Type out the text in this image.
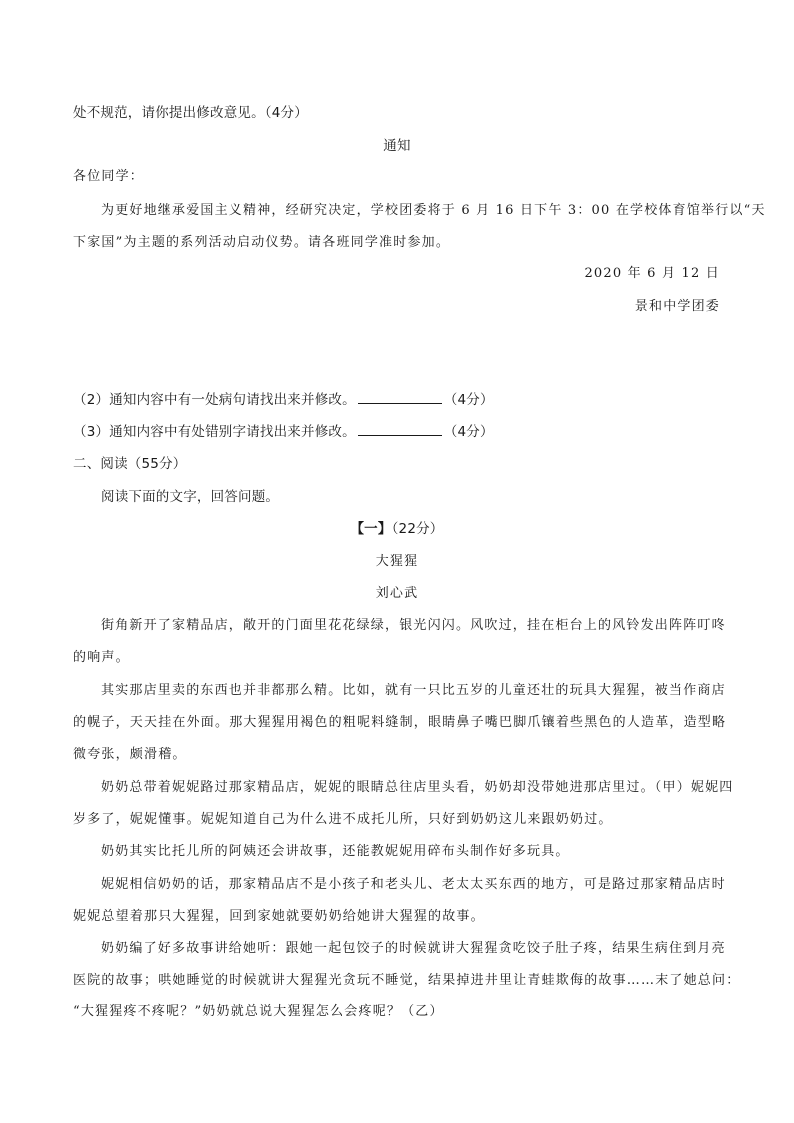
处不规范，请你提出修改意见。（4分）
通知
各位同学：
为更好地继承爱国主义精神，经研究决定，学校团委将于 6 月 16 日下午 3：00 在学校体育馆举行以“天
下家国”为主题的系列活动启动仪势。请各班同学准时参加。
2020 年 6 月 12 日
景和中学团委
（2）通知内容中有一处病句请找出来并修改。	（4分）
（3）通知内容中有处错别字请找出来并修改。	（4分）
二、阅读（55分）
阅读下面的文字，回答问题。
【一】（22分）
大猩猩
刘心武
街角新开了家精品店，敞开的门面里花花绿绿，银光闪闪。风吹过，挂在柜台上的风铃发出阵阵叮咚
的响声。
其实那店里卖的东西也并非都那么精。比如，就有一只比五岁的儿童还壮的玩具大猩猩，被当作商店
的幌子，天天挂在外面。那大猩猩用褐色的粗呢料缝制，眼睛鼻子嘴巴脚爪镶着些黑色的人造革，造型略
微夸张，颇滑稽。
奶奶总带着妮妮路过那家精品店，妮妮的眼睛总往店里头看，奶奶却没带她进那店里过。（甲）妮妮四
岁多了，妮妮懂事。妮妮知道自己为什么进不成托儿所，只好到奶奶这儿来跟奶奶过。
奶奶其实比托儿所的阿姨还会讲故事，还能教妮妮用碎布头制作好多玩具。
妮妮相信奶奶的话，那家精品店不是小孩子和老头儿、老太太买东西的地方，可是路过那家精品店时
妮妮总望着那只大猩猩，回到家她就要奶奶给她讲大猩猩的故事。
奶奶编了好多故事讲给她听：跟她一起包饺子的时候就讲大猩猩贪吃饺子肚子疼，结果生病住到月亮
医院的故事；哄她睡觉的时候就讲大猩猩光贪玩不睡觉，结果掉进井里让青蛙欺侮的故事……末了她总问：
“大猩猩疼不疼呢？”奶奶就总说大猩猩怎么会疼呢？（乙）
